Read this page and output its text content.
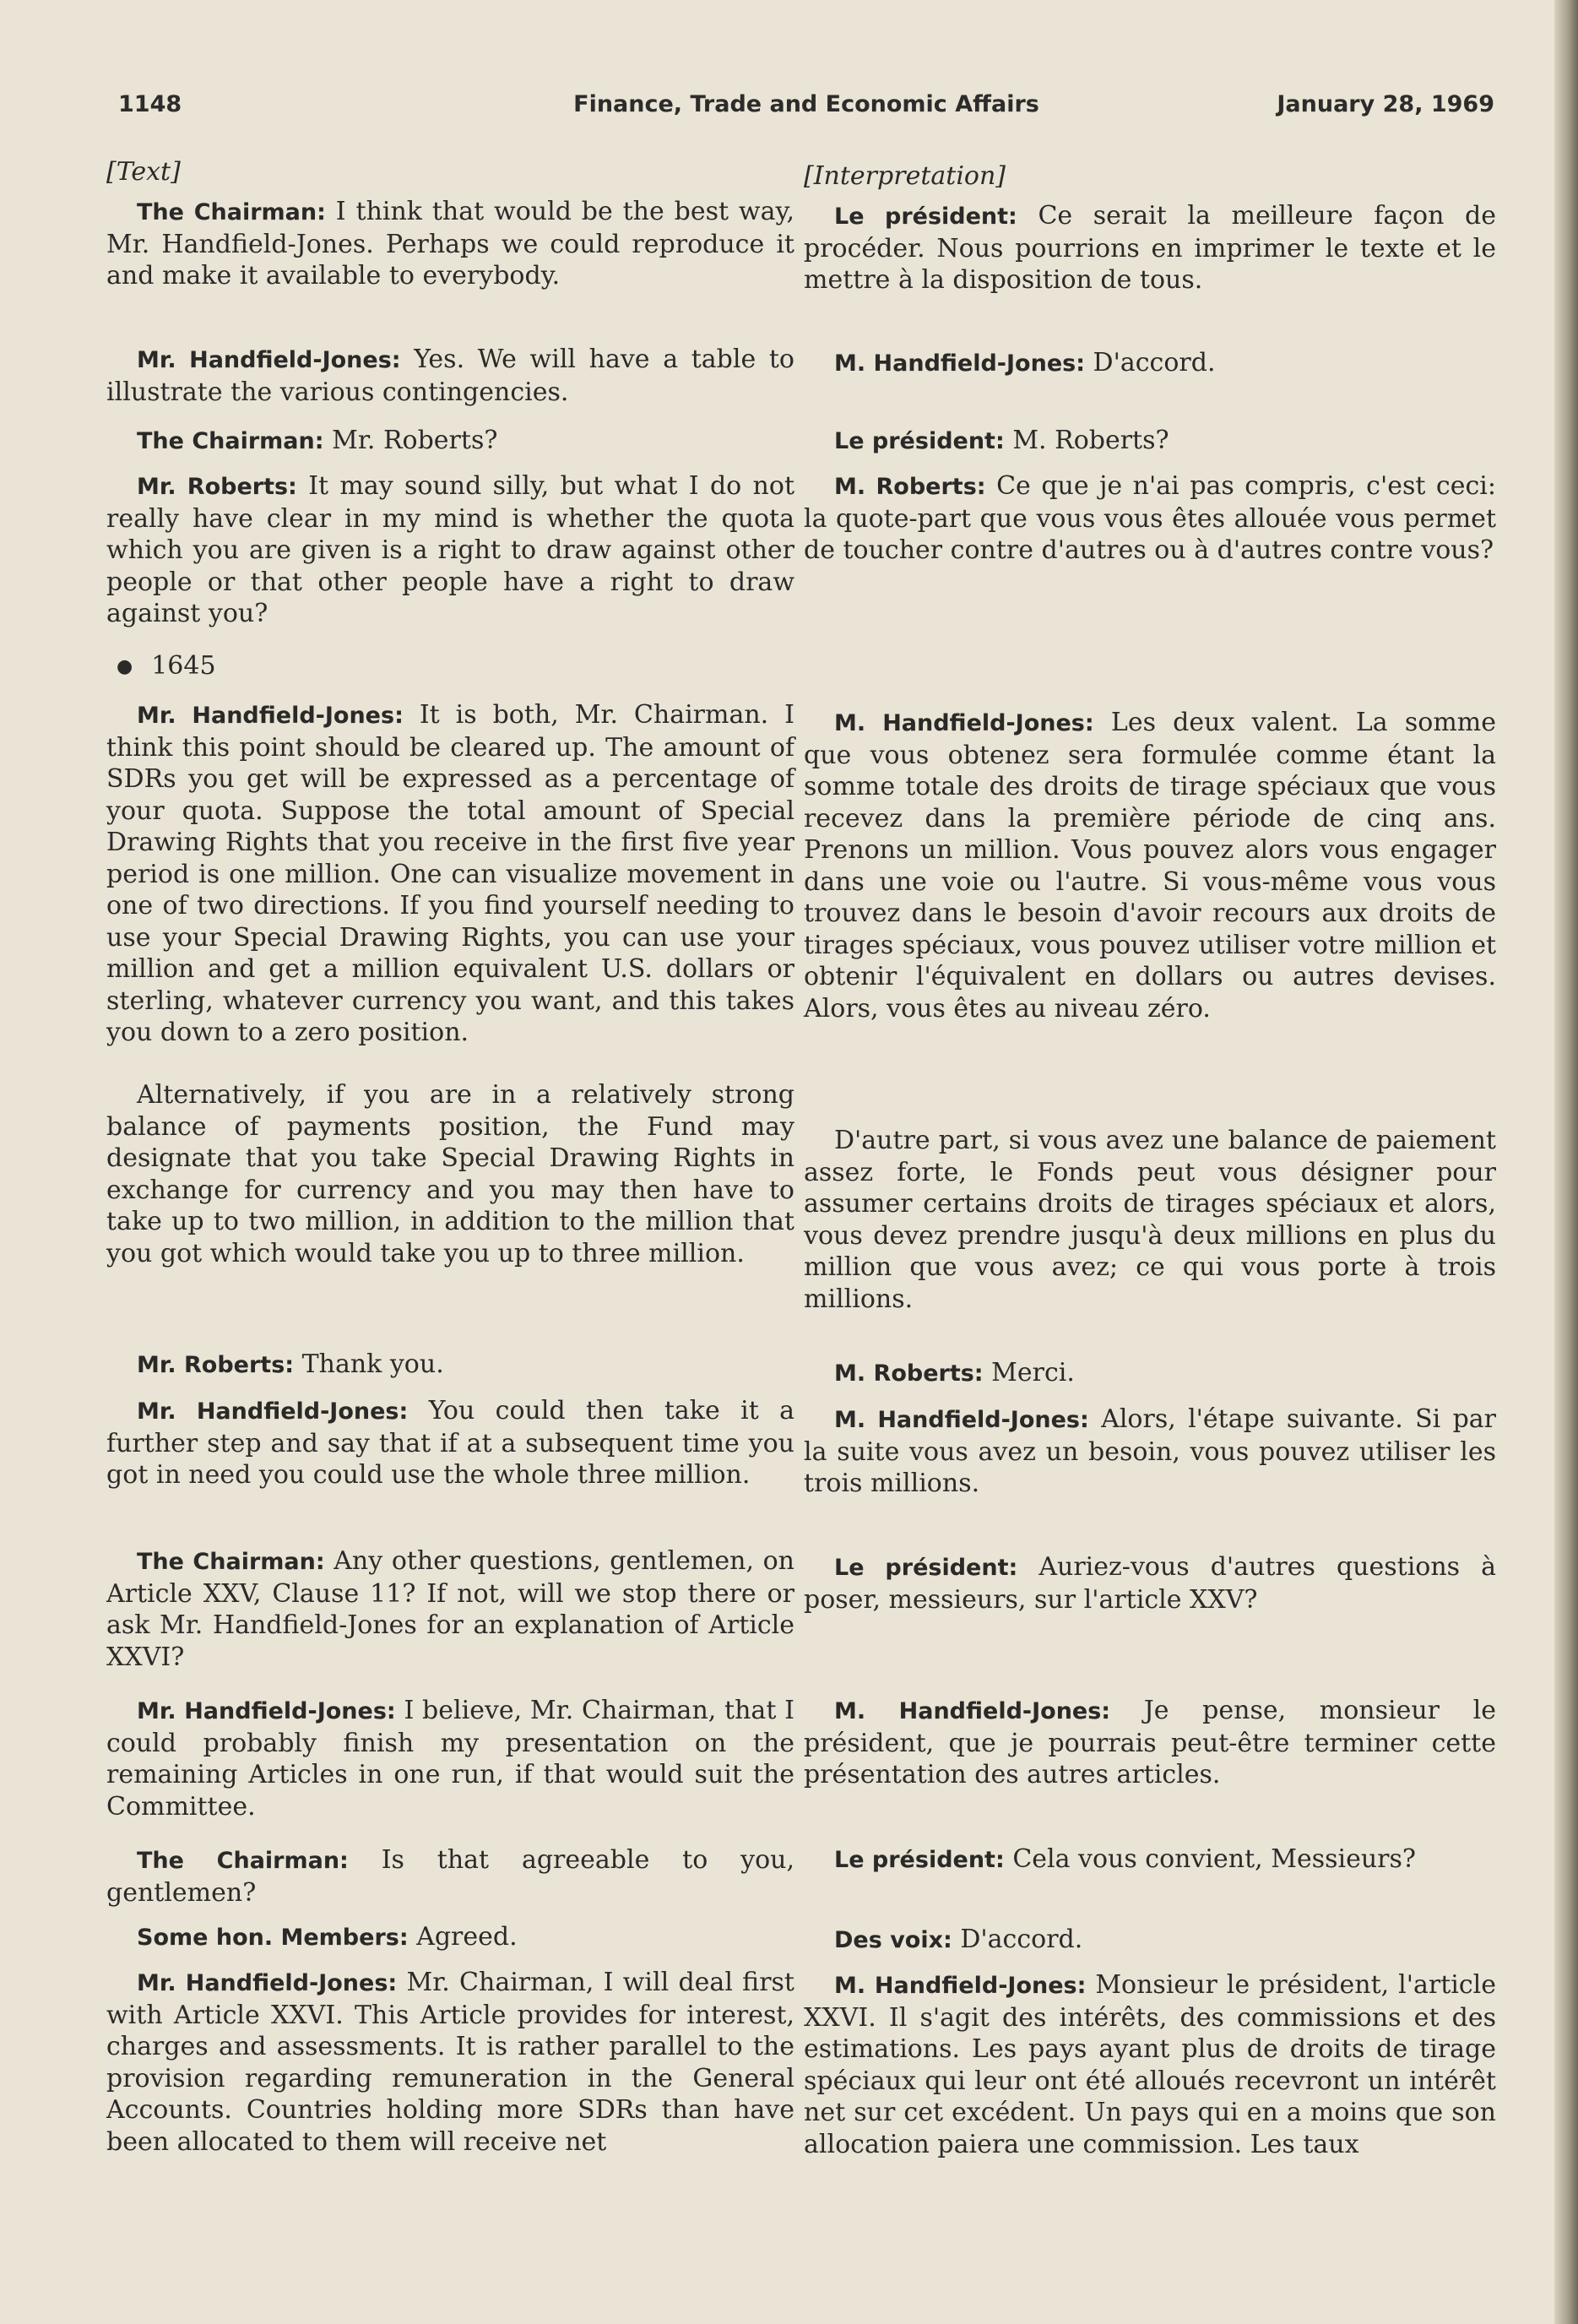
1148	Finance, Trade and Economic Affairs	January 28, 1969

[Text]

The Chairman: I think that would be the best way, Mr. Handfield-Jones. Perhaps we could reproduce it and make it available to everybody.

Mr. Handfield-Jones: Yes. We will have a table to illustrate the various contingencies.

The Chairman: Mr. Roberts?

Mr. Roberts: It may sound silly, but what I do not really have clear in my mind is whether the quota which you are given is a right to draw against other people or that other people have a right to draw against you?

● 1645

Mr. Handfield-Jones: It is both, Mr. Chairman. I think this point should be cleared up. The amount of SDRs you get will be expressed as a percentage of your quota. Suppose the total amount of Special Drawing Rights that you receive in the first five year period is one million. One can visualize movement in one of two directions. If you find yourself needing to use your Special Drawing Rights, you can use your million and get a million equivalent U.S. dollars or sterling, whatever currency you want, and this takes you down to a zero position.

Alternatively, if you are in a relatively strong balance of payments position, the Fund may designate that you take Special Drawing Rights in exchange for currency and you may then have to take up to two million, in addition to the million that you got which would take you up to three million.

Mr. Roberts: Thank you.

Mr. Handfield-Jones: You could then take it a further step and say that if at a subsequent time you got in need you could use the whole three million.

The Chairman: Any other questions, gentlemen, on Article XXV, Clause 11? If not, will we stop there or ask Mr. Handfield-Jones for an explanation of Article XXVI?

Mr. Handfield-Jones: I believe, Mr. Chairman, that I could probably finish my presentation on the remaining Articles in one run, if that would suit the Committee.

The Chairman: Is that agreeable to you, gentlemen?

Some hon. Members: Agreed.

Mr. Handfield-Jones: Mr. Chairman, I will deal first with Article XXVI. This Article provides for interest, charges and assessments. It is rather parallel to the provision regarding remuneration in the General Accounts. Countries holding more SDRs than have been allocated to them will receive net

[Interpretation]

Le président: Ce serait la meilleure façon de procéder. Nous pourrions en imprimer le texte et le mettre à la disposition de tous.

M. Handfield-Jones: D'accord.

Le président: M. Roberts?

M. Roberts: Ce que je n'ai pas compris, c'est ceci: la quote-part que vous vous êtes allouée vous permet de toucher contre d'autres ou à d'autres contre vous?

M. Handfield-Jones: Les deux valent. La somme que vous obtenez sera formulée comme étant la somme totale des droits de tirage spéciaux que vous recevez dans la première période de cinq ans. Prenons un million. Vous pouvez alors vous engager dans une voie ou l'autre. Si vous-même vous vous trouvez dans le besoin d'avoir recours aux droits de tirages spéciaux, vous pouvez utiliser votre million et obtenir l'équivalent en dollars ou autres devises. Alors, vous êtes au niveau zéro.

D'autre part, si vous avez une balance de paiement assez forte, le Fonds peut vous désigner pour assumer certains droits de tirages spéciaux et alors, vous devez prendre jusqu'à deux millions en plus du million que vous avez; ce qui vous porte à trois millions.

M. Roberts: Merci.

M. Handfield-Jones: Alors, l'étape suivante. Si par la suite vous avez un besoin, vous pouvez utiliser les trois millions.

Le président: Auriez-vous d'autres questions à poser, messieurs, sur l'article XXV?

M. Handfield-Jones: Je pense, monsieur le président, que je pourrais peut-être terminer cette présentation des autres articles.

Le président: Cela vous convient, Messieurs?

Des voix: D'accord.

M. Handfield-Jones: Monsieur le président, l'article XXVI. Il s'agit des intérêts, des commissions et des estimations. Les pays ayant plus de droits de tirage spéciaux qui leur ont été alloués recevront un intérêt net sur cet excédent. Un pays qui en a moins que son allocation paiera une commission. Les taux
